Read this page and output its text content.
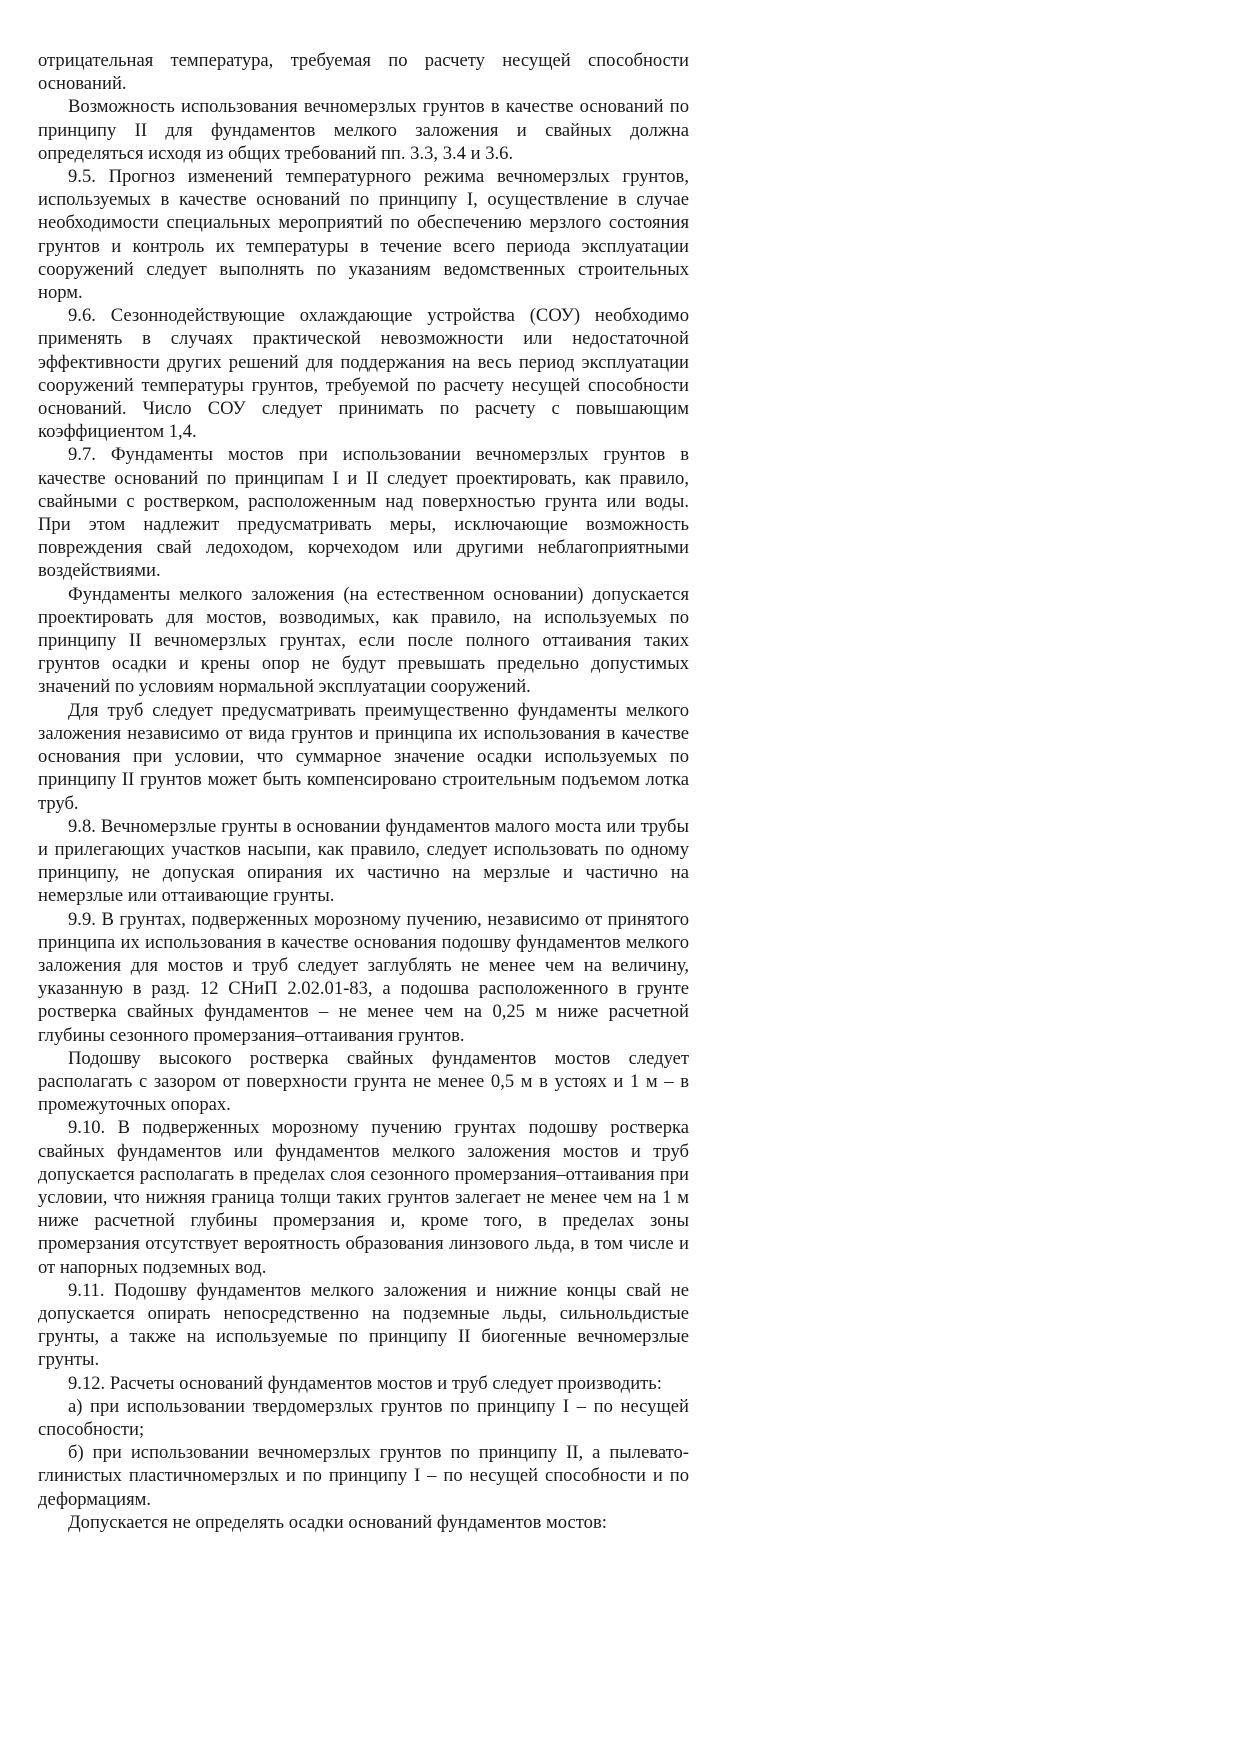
отрицательная температура, требуемая по расчету несущей способности оснований.

Возможность использования вечномерзлых грунтов в качестве оснований по принципу II для фундаментов мелкого заложения и свайных должна определяться исходя из общих требований пп. 3.3, 3.4 и 3.6.

9.5. Прогноз изменений температурного режима вечномерзлых грунтов, используемых в качестве оснований по принципу I, осуществление в случае необходимости специальных мероприятий по обеспечению мерзлого состояния грунтов и контроль их температуры в течение всего периода эксплуатации сооружений следует выполнять по указаниям ведомственных строительных норм.

9.6. Сезоннодействующие охлаждающие устройства (СОУ) необходимо применять в случаях практической невозможности или недостаточной эффективности других решений для поддержания на весь период эксплуатации сооружений температуры грунтов, требуемой по расчету несущей способности оснований. Число СОУ следует принимать по расчету с повышающим коэффициентом 1,4.

9.7. Фундаменты мостов при использовании вечномерзлых грунтов в качестве оснований по принципам I и II следует проектировать, как правило, свайными с ростверком, расположенным над поверхностью грунта или воды. При этом надлежит предусматривать меры, исключающие возможность повреждения свай ледоходом, корчеходом или другими неблагоприятными воздействиями.

Фундаменты мелкого заложения (на естественном основании) допускается проектировать для мостов, возводимых, как правило, на используемых по принципу II вечномерзлых грунтах, если после полного оттаивания таких грунтов осадки и крены опор не будут превышать предельно допустимых значений по условиям нормальной эксплуатации сооружений.

Для труб следует предусматривать преимущественно фундаменты мелкого заложения независимо от вида грунтов и принципа их использования в качестве основания при условии, что суммарное значение осадки используемых по принципу II грунтов может быть компенсировано строительным подъемом лотка труб.

9.8. Вечномерзлые грунты в основании фундаментов малого моста или трубы и прилегающих участков насыпи, как правило, следует использовать по одному принципу, не допуская опирания их частично на мерзлые и частично на немерзлые или оттаивающие грунты.

9.9. В грунтах, подверженных морозному пучению, независимо от принятого принципа их использования в качестве основания подошву фундаментов мелкого заложения для мостов и труб следует заглублять не менее чем на величину, указанную в разд. 12 СНиП 2.02.01-83, а подошва расположенного в грунте ростверка свайных фундаментов – не менее чем на 0,25 м ниже расчетной глубины сезонного промерзания–оттаивания грунтов.

Подошву высокого ростверка свайных фундаментов мостов следует располагать с зазором от поверхности грунта не менее 0,5 м в устоях и 1 м – в промежуточных опорах.

9.10. В подверженных морозному пучению грунтах подошву ростверка свайных фундаментов или фундаментов мелкого заложения мостов и труб допускается располагать в пределах слоя сезонного промерзания–оттаивания при условии, что нижняя граница толщи таких грунтов залегает не менее чем на 1 м ниже расчетной глубины промерзания и, кроме того, в пределах зоны промерзания отсутствует вероятность образования линзового льда, в том числе и от напорных подземных вод.

9.11. Подошву фундаментов мелкого заложения и нижние концы свай не допускается опирать непосредственно на подземные льды, сильнольдистые грунты, а также на используемые по принципу II биогенные вечномерзлые грунты.

9.12. Расчеты оснований фундаментов мостов и труб следует производить:

а) при использовании твердомерзлых грунтов по принципу I – по несущей способности;

б) при использовании вечномерзлых грунтов по принципу II, а пылевато-глинистых пластичномерзлых и по принципу I – по несущей способности и по деформациям.

Допускается не определять осадки оснований фундаментов мостов:
